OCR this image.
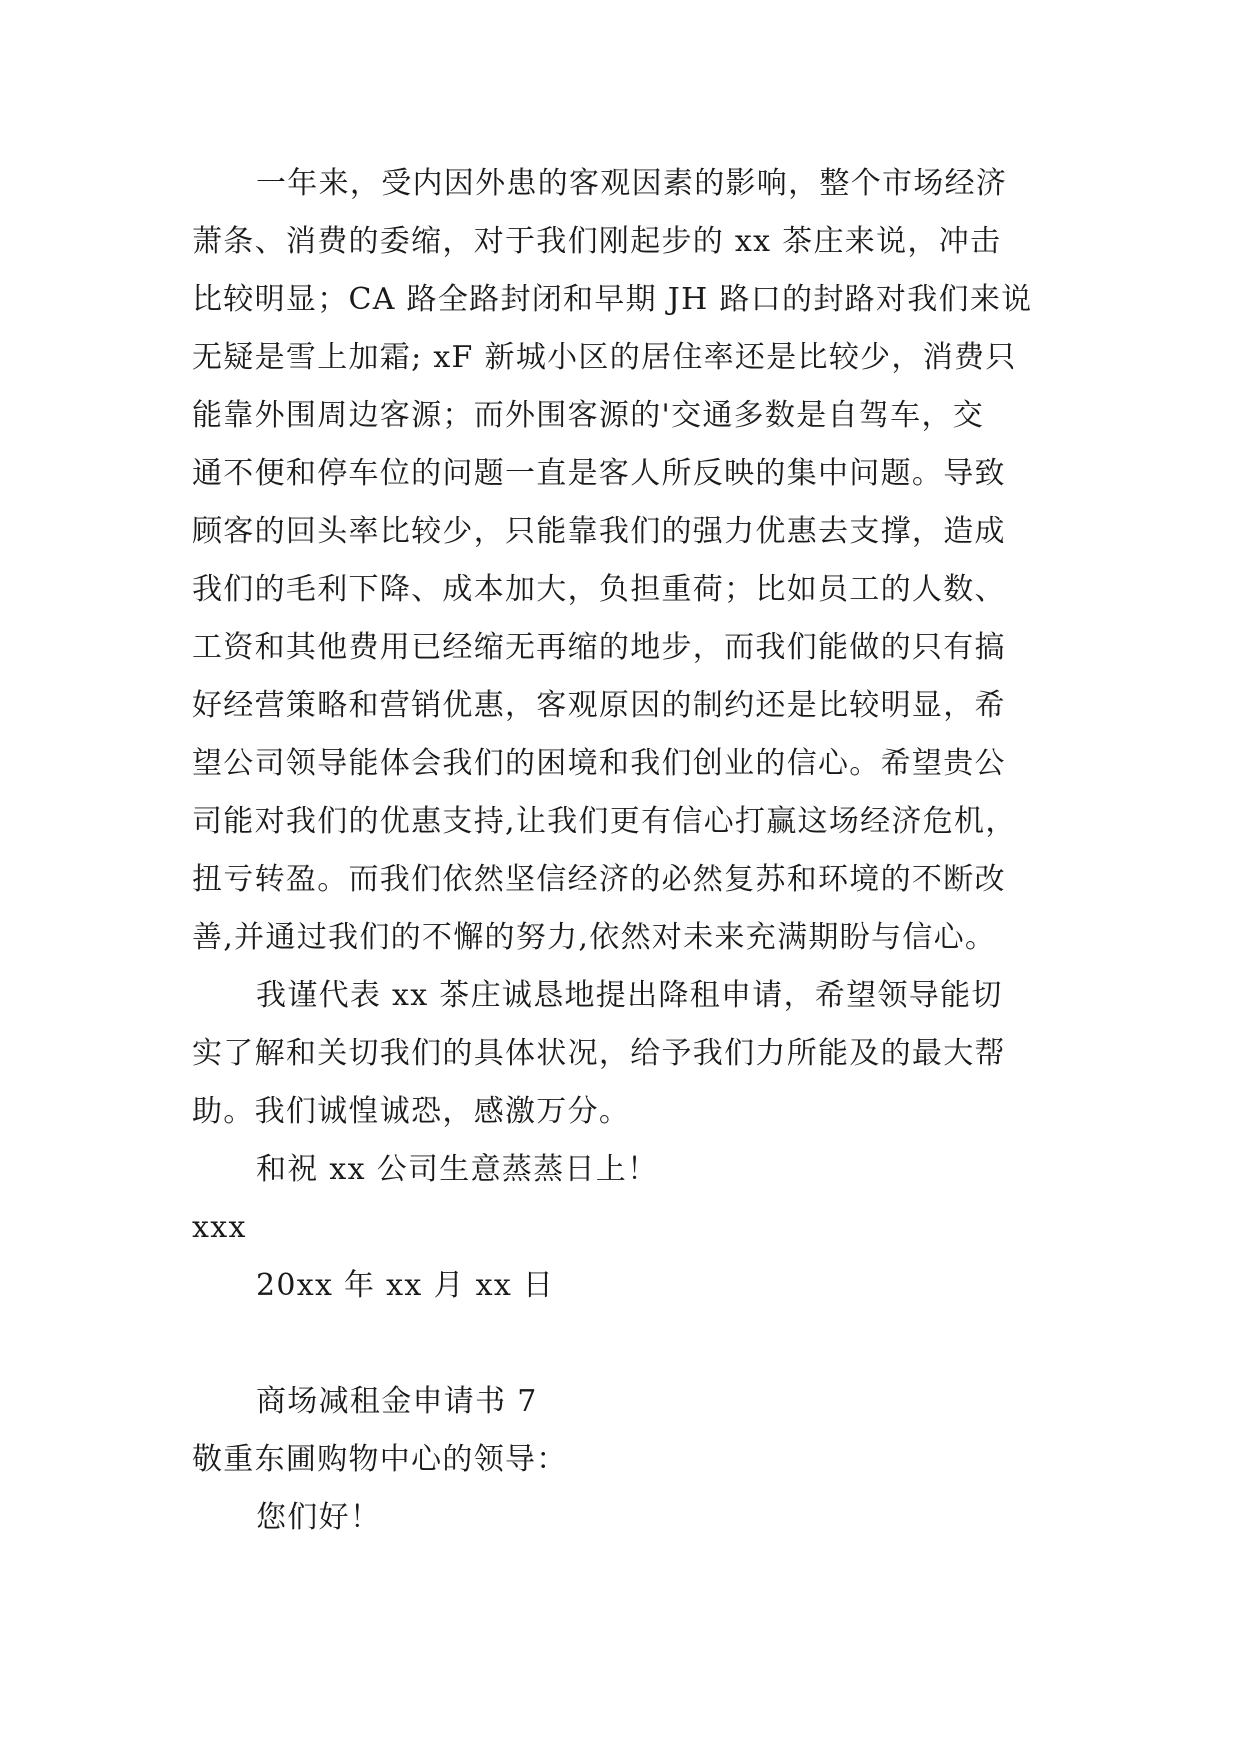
一年来，受内因外患的客观因素的影响，整个市场经济
萧条、消费的委缩，对于我们刚起步的 xx 茶庄来说，冲击
比较明显；CA 路全路封闭和早期 JH 路口的封路对我们来说
无疑是雪上加霜; xF 新城小区的居住率还是比较少，消费只
能靠外围周边客源；而外围客源的'交通多数是自驾车，交
通不便和停车位的问题一直是客人所反映的集中问题。导致
顾客的回头率比较少，只能靠我们的强力优惠去支撑，造成
我们的毛利下降、成本加大，负担重荷；比如员工的人数、
工资和其他费用已经缩无再缩的地步，而我们能做的只有搞
好经营策略和营销优惠，客观原因的制约还是比较明显，希
望公司领导能体会我们的困境和我们创业的信心。希望贵公
司能对我们的优惠支持,让我们更有信心打赢这场经济危机，
扭亏转盈。而我们依然坚信经济的必然复苏和环境的不断改
善,并通过我们的不懈的努力,依然对未来充满期盼与信心。
我谨代表 xx 茶庄诚恳地提出降租申请，希望领导能切
实了解和关切我们的具体状况，给予我们力所能及的最大帮
助。我们诚惶诚恐，感激万分。
和祝 xx 公司生意蒸蒸日上！
xxx
20xx 年 xx 月 xx 日
商场减租金申请书 7
敬重东圃购物中心的领导：
您们好！
